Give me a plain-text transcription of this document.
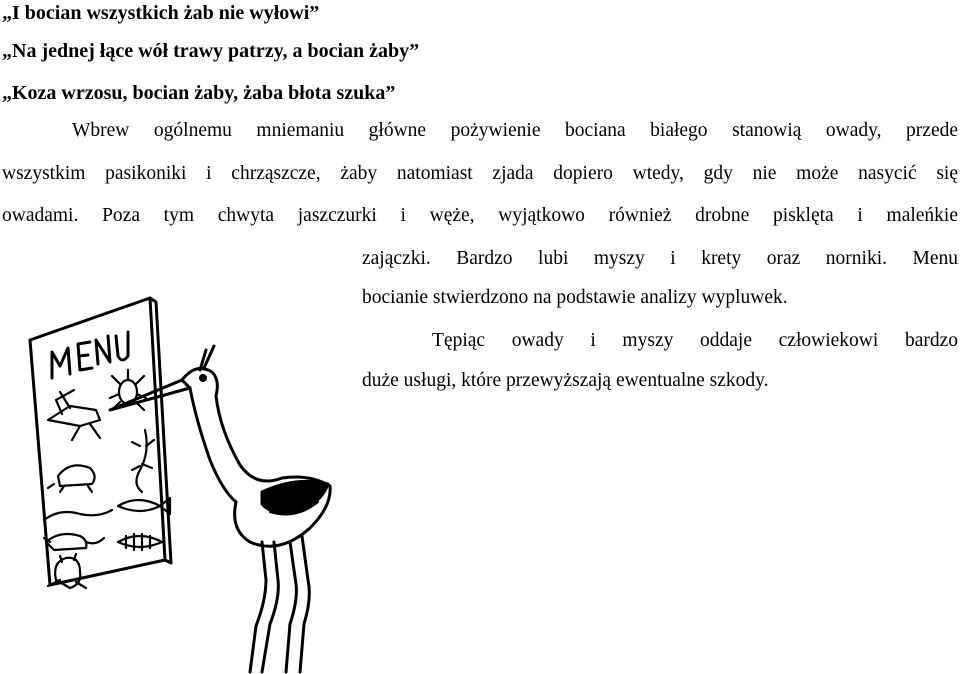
„I bocian wszystkich żab nie wyłowi”
„Na jednej łące wół trawy patrzy, a bocian żaby”
„Koza wrzosu, bocian żaby, żaba błota szuka”
Wbrew ogólnemu mniemaniu główne pożywienie bociana białego stanowią owady, przede
wszystkim pasikoniki i chrząszcze, żaby natomiast zjada dopiero wtedy, gdy nie może nasycić się
owadami. Poza tym chwyta jaszczurki i węże, wyjątkowo również drobne pisklęta i maleńkie
zajączki. Bardzo lubi myszy i krety oraz norniki. Menu
bocianie stwierdzono na podstawie analizy wypluwek.
Tępiąc owady i myszy oddaje człowiekowi bardzo
duże usługi, które przewyższają ewentualne szkody.
